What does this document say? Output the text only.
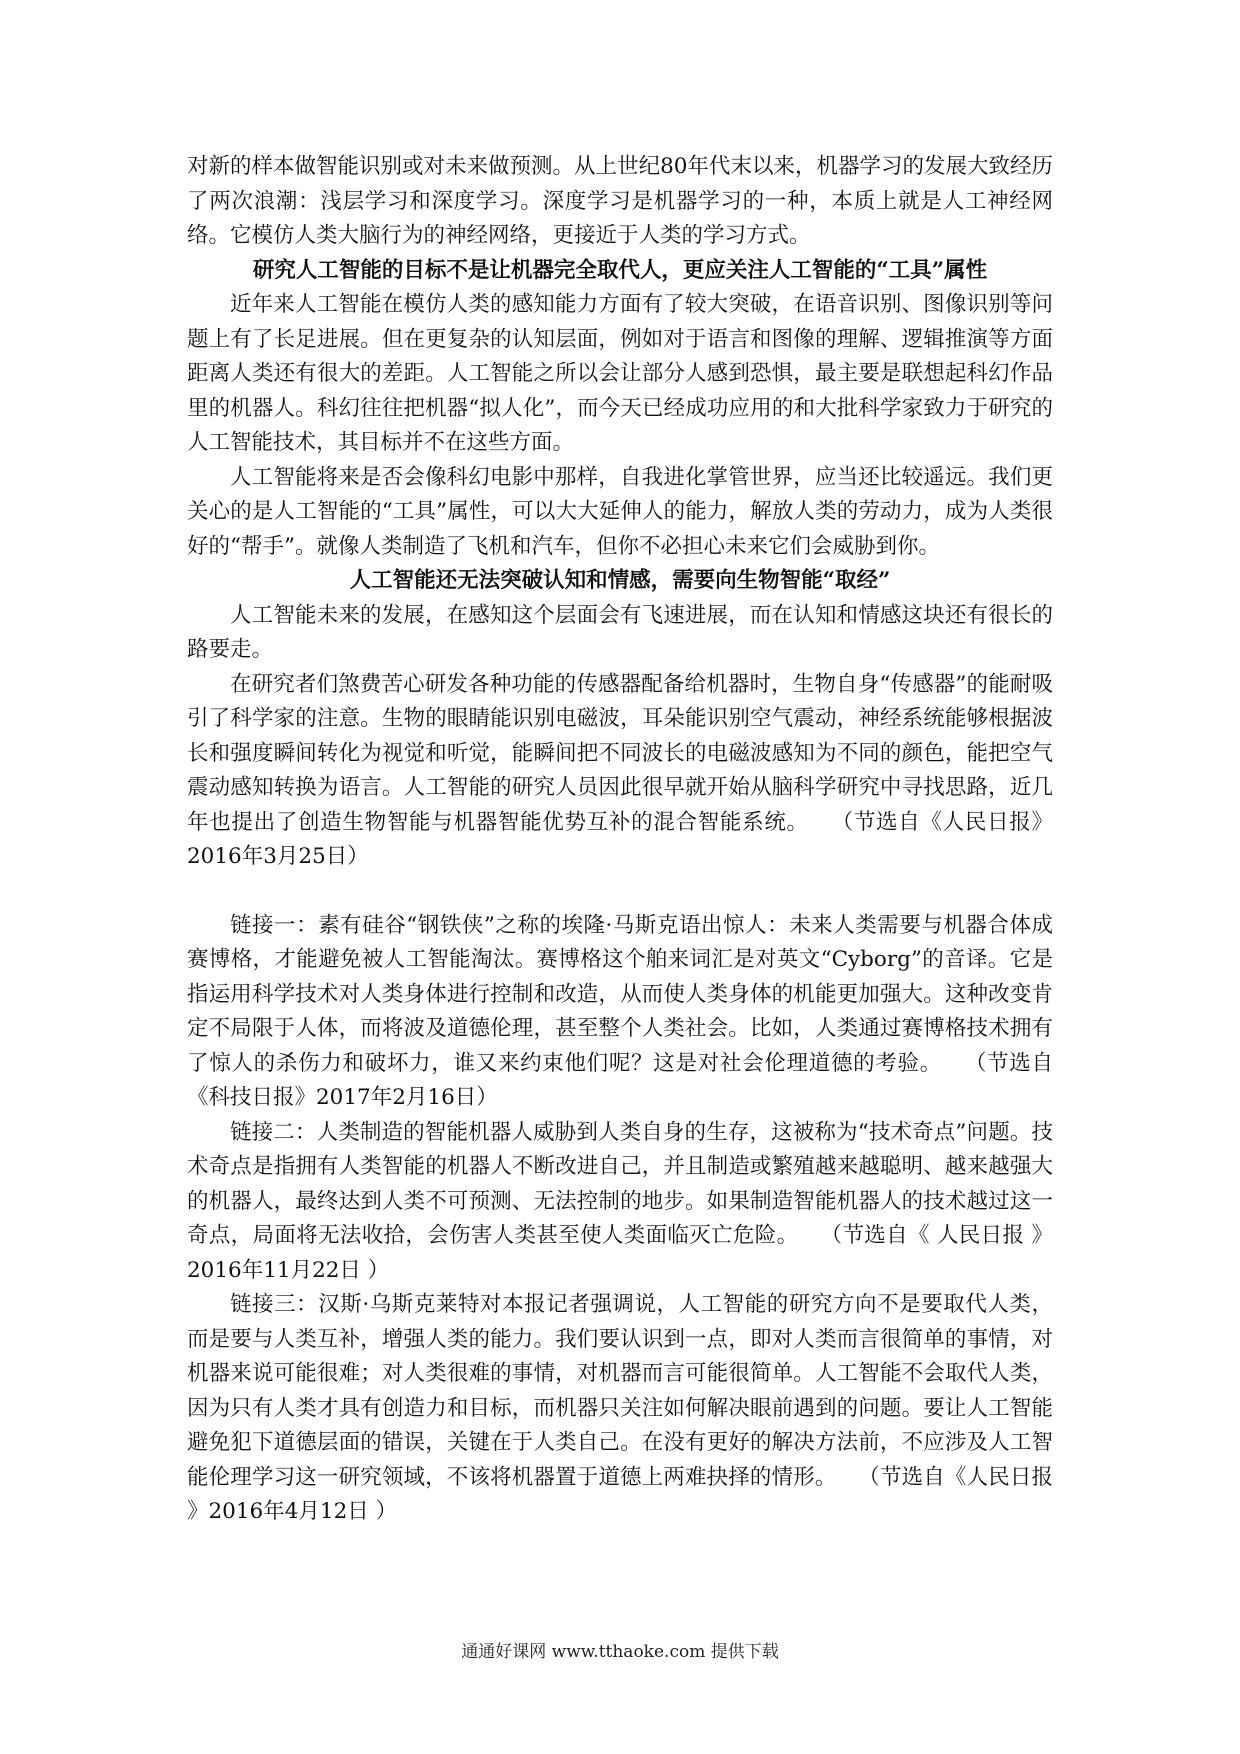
对新的样本做智能识别或对未来做预测。从上世纪80年代末以来，机器学习的发展大致经历了两次浪潮：浅层学习和深度学习。深度学习是机器学习的一种，本质上就是人工神经网络。它模仿人类大脑行为的神经网络，更接近于人类的学习方式。

研究人工智能的目标不是让机器完全取代人，更应关注人工智能的“工具”属性

近年来人工智能在模仿人类的感知能力方面有了较大突破，在语音识别、图像识别等问题上有了长足进展。但在更复杂的认知层面，例如对于语言和图像的理解、逻辑推演等方面距离人类还有很大的差距。人工智能之所以会让部分人感到恐惧，最主要是联想起科幻作品里的机器人。科幻往往把机器“拟人化”，而今天已经成功应用的和大批科学家致力于研究的人工智能技术，其目标并不在这些方面。

人工智能将来是否会像科幻电影中那样，自我进化掌管世界，应当还比较遥远。我们更关心的是人工智能的“工具”属性，可以大大延伸人的能力，解放人类的劳动力，成为人类很好的“帮手”。就像人类制造了飞机和汽车，但你不必担心未来它们会威胁到你。

人工智能还无法突破认知和情感，需要向生物智能“取经”

人工智能未来的发展，在感知这个层面会有飞速进展，而在认知和情感这块还有很长的路要走。

在研究者们煞费苦心研发各种功能的传感器配备给机器时，生物自身“传感器”的能耐吸引了科学家的注意。生物的眼睛能识别电磁波，耳朵能识别空气震动，神经系统能够根据波长和强度瞬间转化为视觉和听觉，能瞬间把不同波长的电磁波感知为不同的颜色，能把空气震动感知转换为语言。人工智能的研究人员因此很早就开始从脑科学研究中寻找思路，近几年也提出了创造生物智能与机器智能优势互补的混合智能系统。　　（节选自《人民日报》2016年3月25日）

链接一：素有硅谷“钢铁侠”之称的埃隆·马斯克语出惊人：未来人类需要与机器合体成赛博格，才能避免被人工智能淘汰。赛博格这个舶来词汇是对英文“Cyborg”的音译。它是指运用科学技术对人类身体进行控制和改造，从而使人类身体的机能更加强大。这种改变肯定不局限于人体，而将波及道德伦理，甚至整个人类社会。比如，人类通过赛博格技术拥有了惊人的杀伤力和破坏力，谁又来约束他们呢？这是对社会伦理道德的考验。　　（节选自《科技日报》2017年2月16日）

链接二：人类制造的智能机器人威胁到人类自身的生存，这被称为“技术奇点”问题。技术奇点是指拥有人类智能的机器人不断改进自己，并且制造或繁殖越来越聪明、越来越强大的机器人，最终达到人类不可预测、无法控制的地步。如果制造智能机器人的技术越过这一奇点，局面将无法收拾，会伤害人类甚至使人类面临灭亡危险。　　（节选自《 人民日报 》 2016年11月22日 ）

链接三：汉斯·乌斯克莱特对本报记者强调说，人工智能的研究方向不是要取代人类，而是要与人类互补，增强人类的能力。我们要认识到一点，即对人类而言很简单的事情，对机器来说可能很难；对人类很难的事情，对机器而言可能很简单。人工智能不会取代人类，因为只有人类才具有创造力和目标，而机器只关注如何解决眼前遇到的问题。要让人工智能避免犯下道德层面的错误，关键在于人类自己。在没有更好的解决方法前，不应涉及人工智能伦理学习这一研究领域，不该将机器置于道德上两难抉择的情形。　　（节选自《人民日报 》2016年4月12日 ）

通通好课网 www.tthaoke.com 提供下载
